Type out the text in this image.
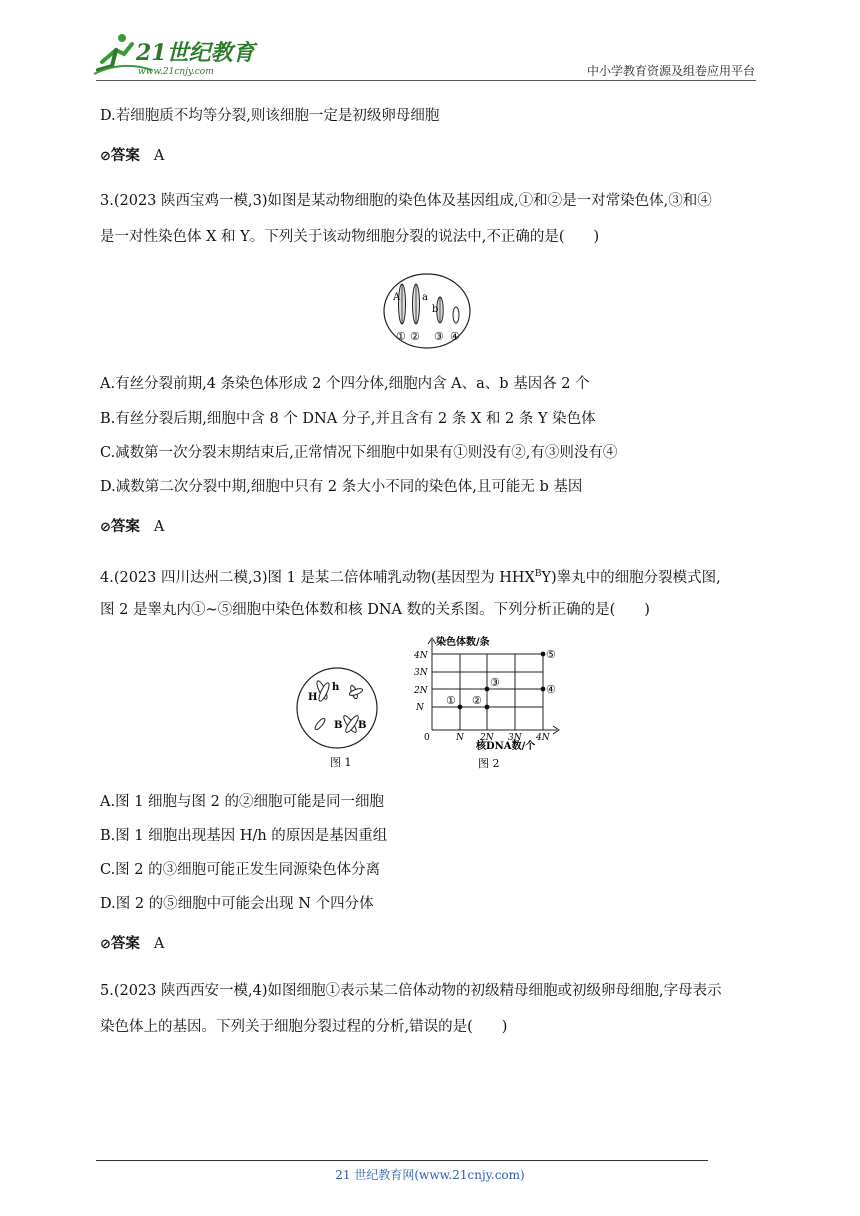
21世纪教育
www.21cnjy.com	中小学教育资源及组卷应用平台
D.若细胞质不均等分裂,则该细胞一定是初级卵母细胞
⊘答案 A
3.(2023 陕西宝鸡一模,3)如图是某动物细胞的染色体及基因组成,①和②是一对常染色体,③和④
是一对性染色体 X 和 Y。下列关于该动物细胞分裂的说法中,不正确的是(　　)
A a
b
① ② ③ ④
A.有丝分裂前期,4 条染色体形成 2 个四分体,细胞内含 A、a、b 基因各 2 个
B.有丝分裂后期,细胞中含 8 个 DNA 分子,并且含有 2 条 X 和 2 条 Y 染色体
C.减数第一次分裂末期结束后,正常情况下细胞中如果有①则没有②,有③则没有④
D.减数第二次分裂中期,细胞中只有 2 条大小不同的染色体,且可能无 b 基因
⊘答案 A
4.(2023 四川达州二模,3)图 1 是某二倍体哺乳动物(基因型为 $HHX^BY$)睾丸中的细胞分裂模式图,
图 2 是睾丸内①~⑤细胞中染色体数和核 DNA 数的关系图。下列分析正确的是(　　)
H
h
B B
图 1
染色体数/条
N
2N
3N
4N
0	N 2N 3N 4N
核DNA数/个
① ②
③
④
⑤
图 2
A.图 1 细胞与图 2 的②细胞可能是同一细胞
B.图 1 细胞出现基因 H/h 的原因是基因重组
C.图 2 的③细胞可能正发生同源染色体分离
D.图 2 的⑤细胞中可能会出现 N 个四分体
⊘答案 A
5.(2023 陕西西安一模,4)如图细胞①表示某二倍体动物的初级精母细胞或初级卵母细胞,字母表示
染色体上的基因。下列关于细胞分裂过程的分析,错误的是(　　)
21 世纪教育网(www.21cnjy.com)
